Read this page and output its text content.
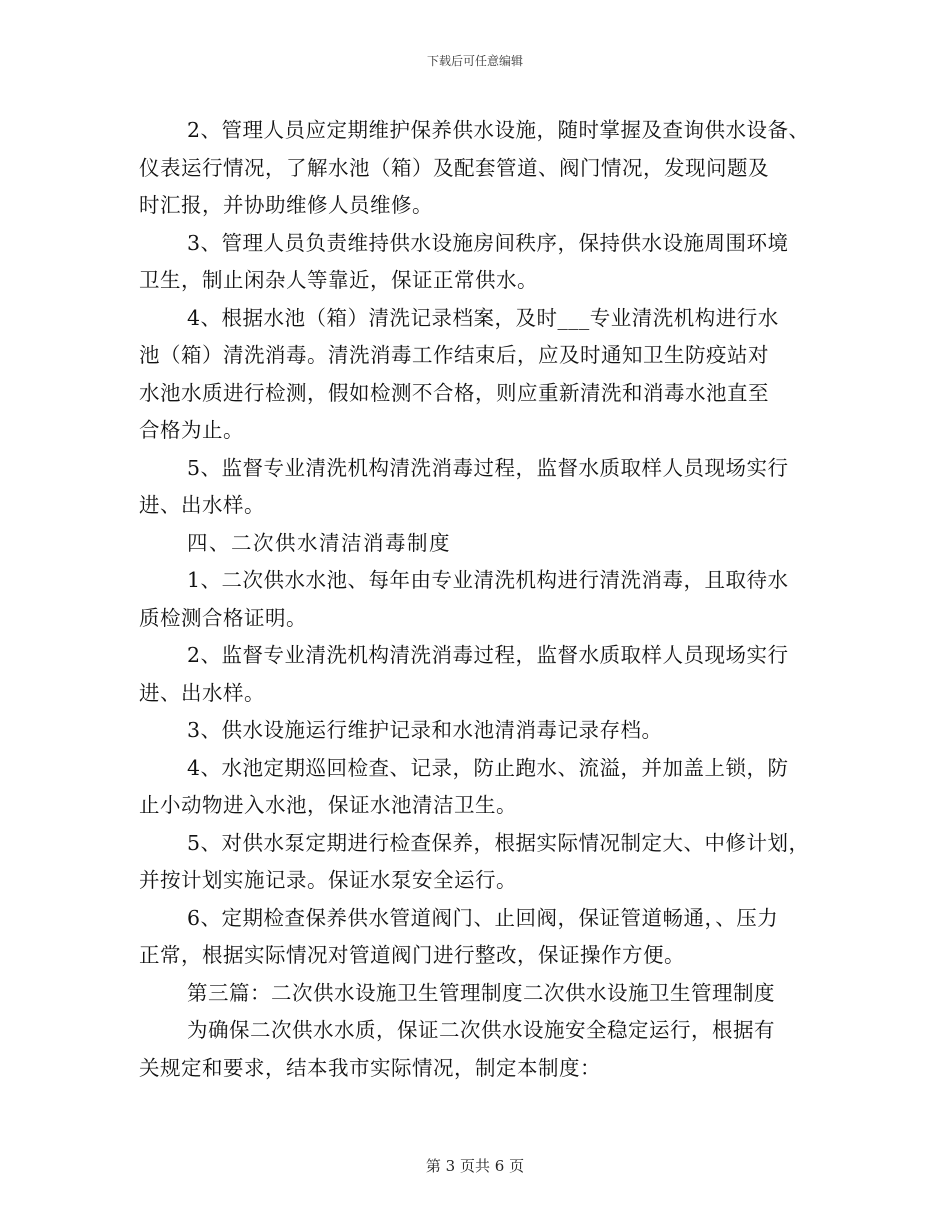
下载后可任意编辑
2、管理人员应定期维护保养供水设施，随时掌握及查询供水设备、
仪表运行情况，了解水池（箱）及配套管道、阀门情况，发现问题及
时汇报，并协助维修人员维修。
3、管理人员负责维持供水设施房间秩序，保持供水设施周围环境
卫生，制止闲杂人等靠近，保证正常供水。
4、根据水池（箱）清洗记录档案，及时___专业清洗机构进行水
池（箱）清洗消毒。清洗消毒工作结束后，应及时通知卫生防疫站对
水池水质进行检测，假如检测不合格，则应重新清洗和消毒水池直至
合格为止。
5、监督专业清洗机构清洗消毒过程，监督水质取样人员现场实行
进、出水样。
四、二次供水清洁消毒制度
1、二次供水水池、每年由专业清洗机构进行清洗消毒，且取待水
质检测合格证明。
2、监督专业清洗机构清洗消毒过程，监督水质取样人员现场实行
进、出水样。
3、供水设施运行维护记录和水池清消毒记录存档。
4、水池定期巡回检查、记录，防止跑水、流溢，并加盖上锁，防
止小动物进入水池，保证水池清洁卫生。
5、对供水泵定期进行检查保养，根据实际情况制定大、中修计划，
并按计划实施记录。保证水泵安全运行。
6、定期检查保养供水管道阀门、止回阀，保证管道畅通，、压力
正常，根据实际情况对管道阀门进行整改，保证操作方便。
第三篇：二次供水设施卫生管理制度二次供水设施卫生管理制度
为确保二次供水水质，保证二次供水设施安全稳定运行，根据有
关规定和要求，结本我市实际情况，制定本制度：
第 3 页共 6 页
